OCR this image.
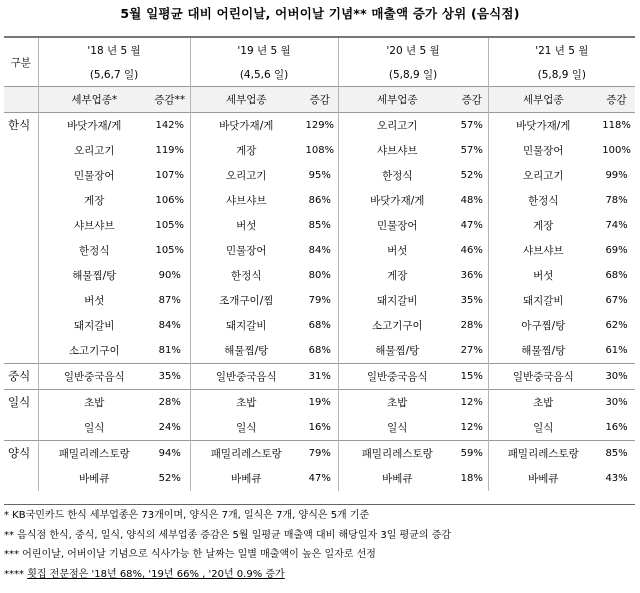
5월 일평균 대비 어린이날, 어버이날 기념** 매출액 증가 상위 (음식점)
구분	'18 년 5 월		'19 년 5 월		'20 년 5 월		'21 년 5 월	
	(5,6,7 일)		(4,5,6 일)		(5,8,9 일)		(5,8,9 일)	
	세부업종*	증감**	세부업종	증감	세부업종	증감	세부업종	증감

한식	바닷가재/게	142%	바닷가재/게	129%	오리고기	57%	바닷가재/게	118%
	오리고기	119%	게장	108%	샤브샤브	57%	민물장어	100%
	민물장어	107%	오리고기	95%	한정식	52%	오리고기	99%
	게장	106%	샤브샤브	86%	바닷가재/게	48%	한정식	78%
	샤브샤브	105%	버섯	85%	민물장어	47%	게장	74%
	한정식	105%	민물장어	84%	버섯	46%	샤브샤브	69%
	해물찜/탕	90%	한정식	80%	게장	36%	버섯	68%
	버섯	87%	조개구이/찜	79%	돼지갈비	35%	돼지갈비	67%
	돼지갈비	84%	돼지갈비	68%	소고기구이	28%	아구찜/탕	62%
	소고기구이	81%	해물찜/탕	68%	해물찜/탕	27%	해물찜/탕	61%

중식	일반중국음식	35%	일반중국음식	31%	일반중국음식	15%	일반중국음식	30%

일식	초밥	28%	초밥	19%	초밥	12%	초밥	30%
	일식	24%	일식	16%	일식	12%	일식	16%

양식	패밀리레스토랑	94%	패밀리레스토랑	79%	패밀리레스토랑	59%	패밀리레스토랑	85%
	바베큐	52%	바베큐	47%	바베큐	18%	바베큐	43%
* KB국민카드 한식 세부업종은 73개이며, 양식은 7개, 일식은 7개, 양식은 5개 기준
** 음식점 한식, 중식, 일식, 양식의 세부업종 증감은 5월 일평균 매출액 대비 해당일자 3일 평균의 증감
*** 어린이날, 어버이날 기념으로 식사가능 한 날짜는 일별 매출액이 높은 일자로 선정
**** 횟집 전문점은 '18년 68%, '19년 66% , '20년 0.9% 증가
